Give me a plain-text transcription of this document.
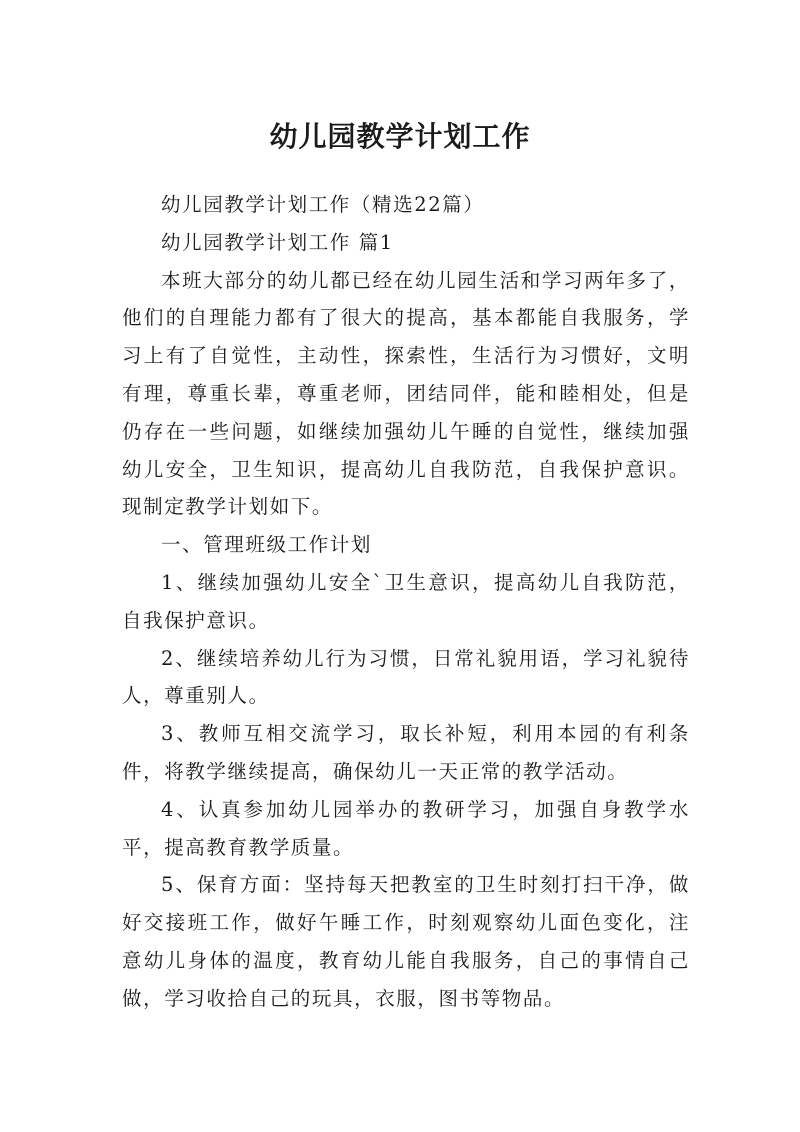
幼儿园教学计划工作

幼儿园教学计划工作（精选22篇）

幼儿园教学计划工作 篇1

本班大部分的幼儿都已经在幼儿园生活和学习两年多了，他们的自理能力都有了很大的提高，基本都能自我服务，学习上有了自觉性，主动性，探索性，生活行为习惯好，文明有理，尊重长辈，尊重老师，团结同伴，能和睦相处，但是仍存在一些问题，如继续加强幼儿午睡的自觉性，继续加强幼儿安全，卫生知识，提高幼儿自我防范，自我保护意识。现制定教学计划如下。

一、管理班级工作计划

1、继续加强幼儿安全`卫生意识，提高幼儿自我防范，自我保护意识。

2、继续培养幼儿行为习惯，日常礼貌用语，学习礼貌待人，尊重别人。

3、教师互相交流学习，取长补短，利用本园的有利条件，将教学继续提高，确保幼儿一天正常的教学活动。

4、认真参加幼儿园举办的教研学习，加强自身教学水平，提高教育教学质量。

5、保育方面：坚持每天把教室的卫生时刻打扫干净，做好交接班工作，做好午睡工作，时刻观察幼儿面色变化，注意幼儿身体的温度，教育幼儿能自我服务，自己的事情自己做，学习收拾自己的玩具，衣服，图书等物品。
